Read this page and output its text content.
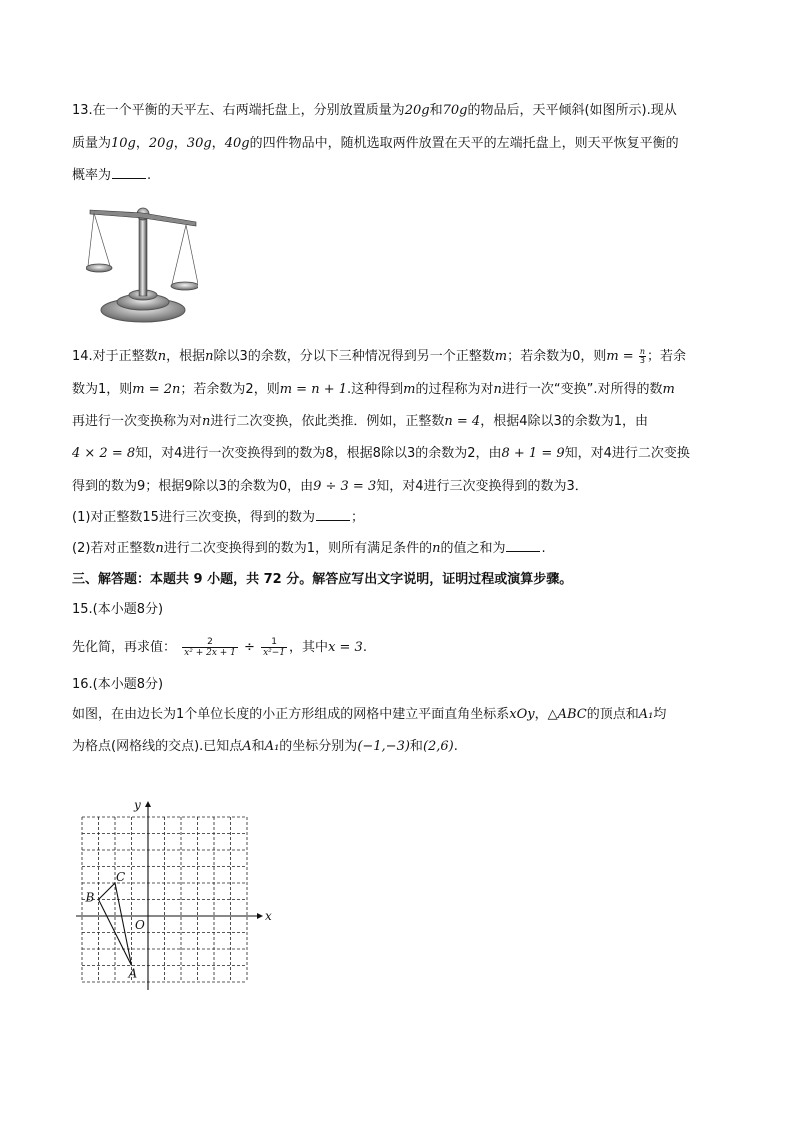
13.在一个平衡的天平左、右两端托盘上，分别放置质量为20g和70g的物品后，天平倾斜(如图所示).现从
质量为10g，20g，30g，40g的四件物品中，随机选取两件放置在天平的左端托盘上，则天平恢复平衡的
概率为	.
14.对于正整数n，根据n除以3的余数，分以下三种情况得到另一个正整数m；若余数为0，则$m = \frac{n}{3}$ ；若余
数为1，则m = 2n；若余数为2，则m = n + 1.这种得到m的过程称为对n进行一次“变换”.对所得的数m
再进行一次变换称为对n进行二次变换，依此类推．例如，正整数n = 4，根据4除以3的余数为1，由
4 × 2 = 8知，对4进行一次变换得到的数为8，根据8除以3的余数为2，由8 + 1 = 9知，对4进行二次变换
得到的数为9；根据9除以3的余数为0，由9 ÷ 3 = 3知，对4进行三次变换得到的数为3．
(1)对正整数15进行三次变换，得到的数为	；
(2)若对正整数n进行二次变换得到的数为1，则所有满足条件的n的值之和为	.
三、解答题：本题共 9 小题，共 72 分。解答应写出文字说明，证明过程或演算步骤。
15.(本小题8分)
先化简，再求值： $\frac{2}{\text{x² + 2x + 1}} \div \frac{1}{\text{x²−1}}$ ，其中x = 3.
16.(本小题8分)
如图，在由边长为1个单位长度的小正方形组成的网格中建立平面直角坐标系xOy，△ABC的顶点和A₁均
为格点(网格线的交点).已知点A和A₁的坐标分别为(−1,−3)和(2,6).
x
y
O
A
B
C
